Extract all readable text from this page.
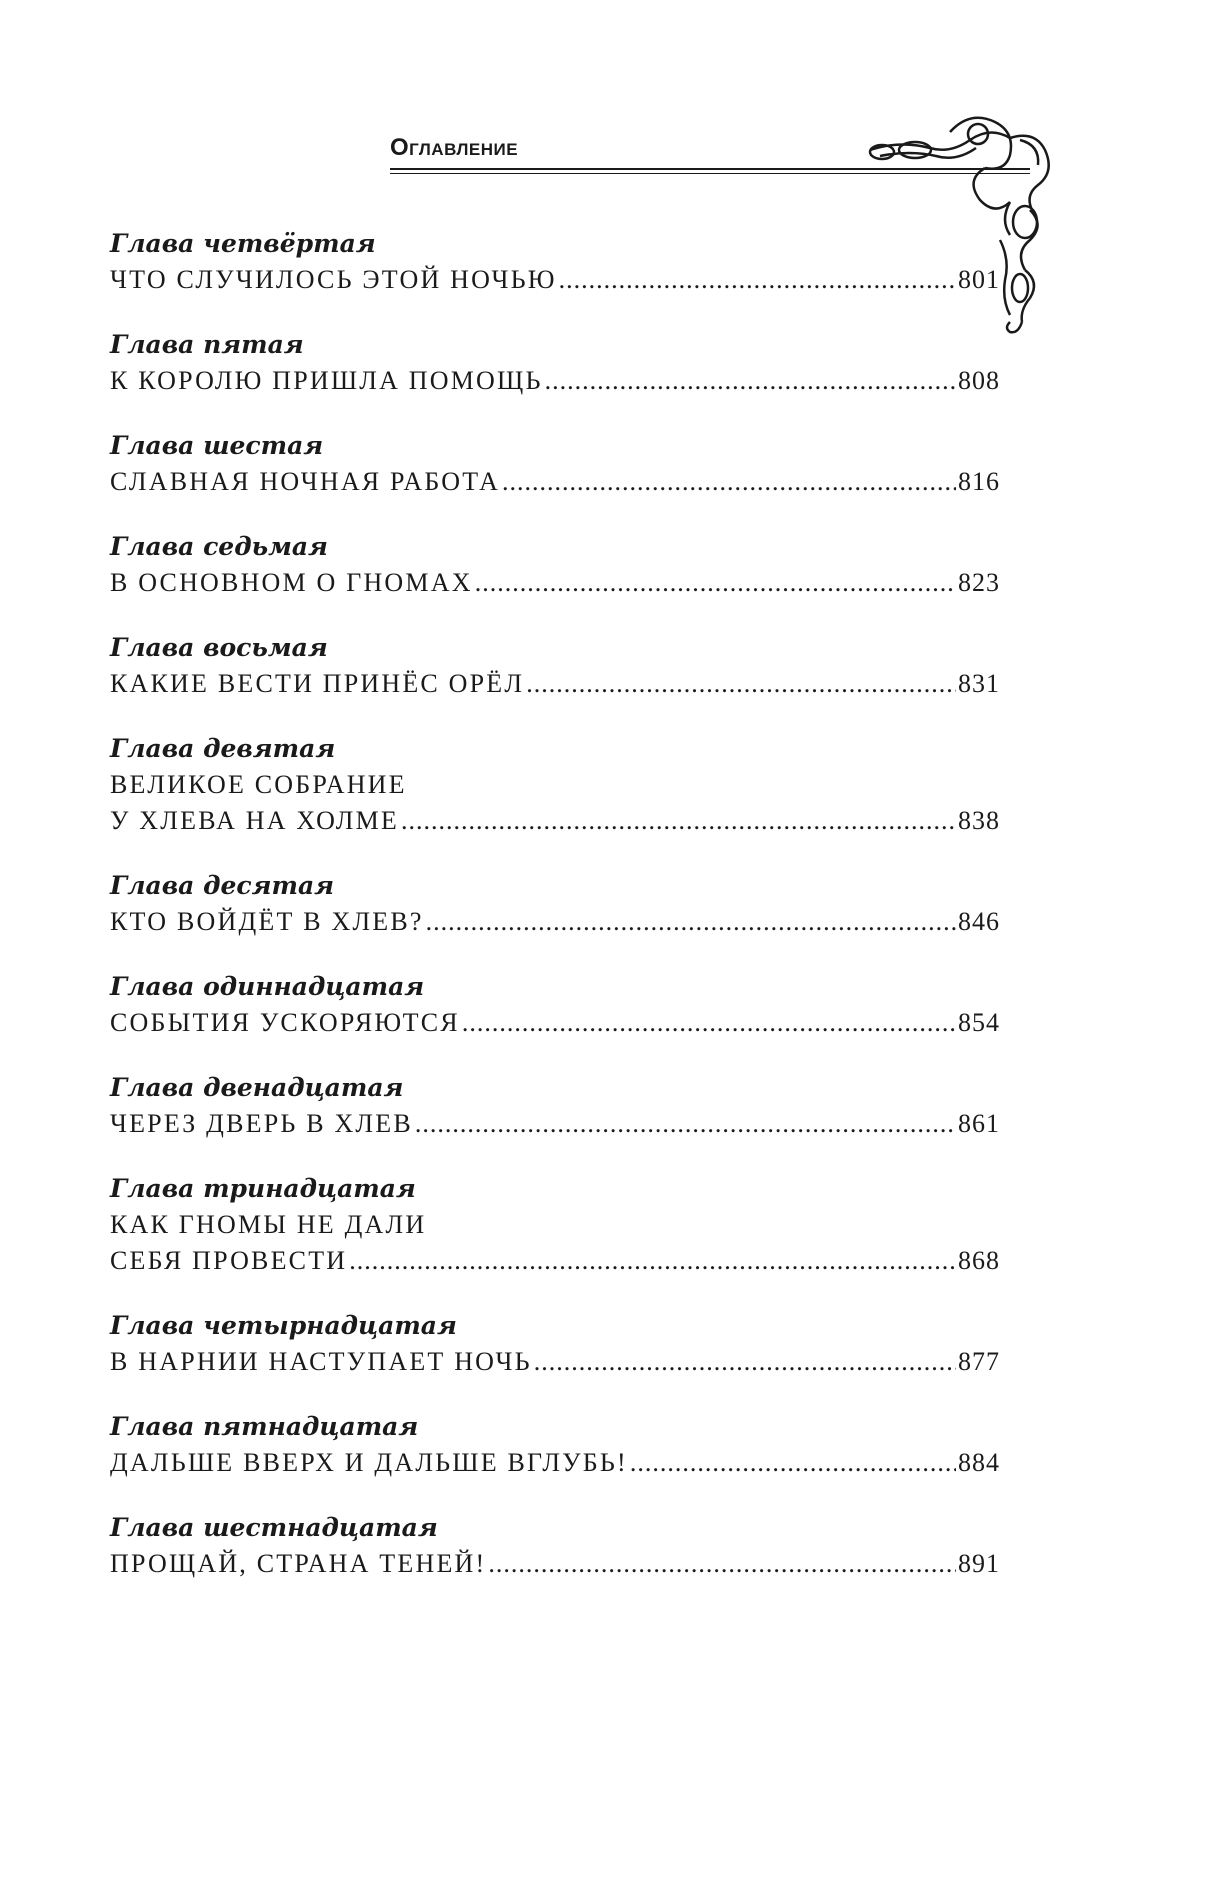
Оглавление
Глава четвёртая
ЧТО СЛУЧИЛОСЬ ЭТОЙ НОЧЬЮ .....	801
Глава пятая
К КОРОЛЮ ПРИШЛА ПОМОЩЬ .....	808
Глава шестая
СЛАВНАЯ НОЧНАЯ РАБОТА .....	816
Глава седьмая
В ОСНОВНОМ О ГНОМАХ .....	823
Глава восьмая
КАКИЕ ВЕСТИ ПРИНЁС ОРЁЛ .....	831
Глава девятая
ВЕЛИКОЕ СОБРАНИЕ
У ХЛЕВА НА ХОЛМЕ .....	838
Глава десятая
КТО ВОЙДЁТ В ХЛЕВ? .....	846
Глава одиннадцатая
СОБЫТИЯ УСКОРЯЮТСЯ .....	854
Глава двенадцатая
ЧЕРЕЗ ДВЕРЬ В ХЛЕВ .....	861
Глава тринадцатая
КАК ГНОМЫ НЕ ДАЛИ
СЕБЯ ПРОВЕСТИ .....	868
Глава четырнадцатая
В НАРНИИ НАСТУПАЕТ НОЧЬ .....	877
Глава пятнадцатая
ДАЛЬШЕ ВВЕРХ И ДАЛЬШЕ ВГЛУБЬ! .....	884
Глава шестнадцатая
ПРОЩАЙ, СТРАНА ТЕНЕЙ! .....	891
